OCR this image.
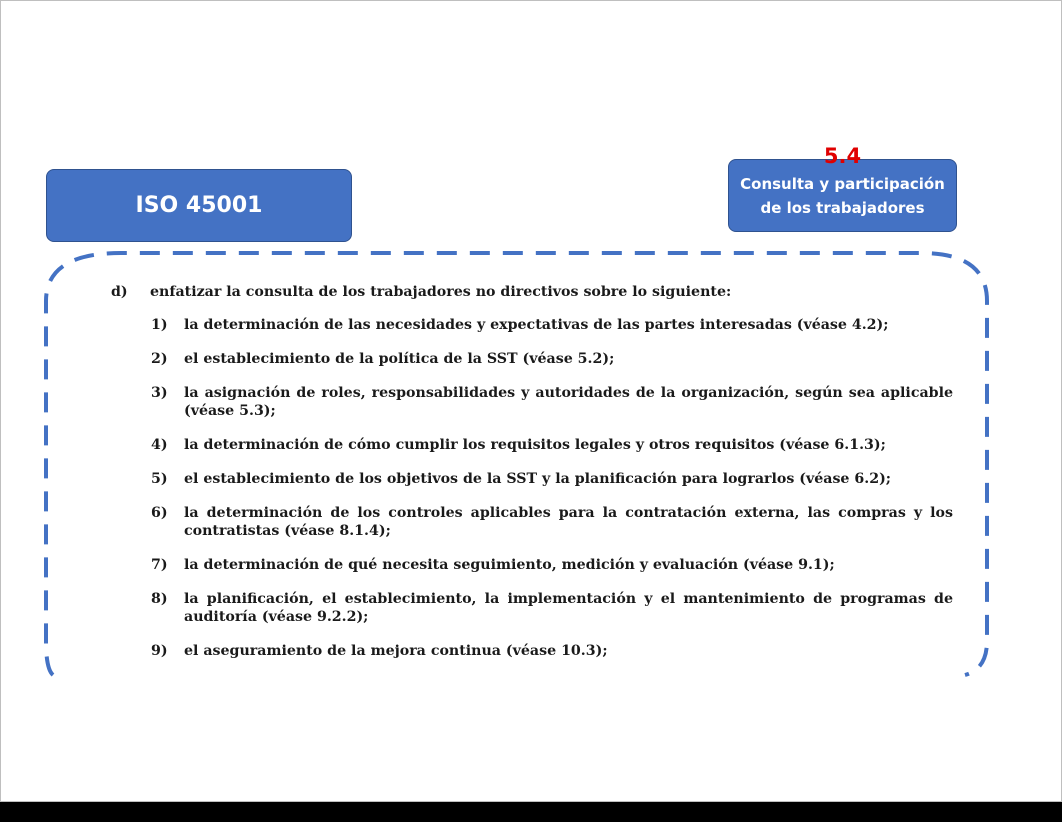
ISO 45001
Consulta y participación de los trabajadores
5.4
d)	enfatizar la consulta de los trabajadores no directivos sobre lo siguiente:
1)	la determinación de las necesidades y expectativas de las partes interesadas (véase 4.2);
2)	el establecimiento de la política de la SST (véase 5.2);
3)	la asignación de roles, responsabilidades y autoridades de la organización, según sea aplicable (véase 5.3);
4)	la determinación de cómo cumplir los requisitos legales y otros requisitos (véase 6.1.3);
5)	el establecimiento de los objetivos de la SST y la planificación para lograrlos (véase 6.2);
6)	la determinación de los controles aplicables para la contratación externa, las compras y los contratistas (véase 8.1.4);
7)	la determinación de qué necesita seguimiento, medición y evaluación (véase 9.1);
8)	la planificación, el establecimiento, la implementación y el mantenimiento de programas de auditoría (véase 9.2.2);
9)	el aseguramiento de la mejora continua (véase 10.3);
